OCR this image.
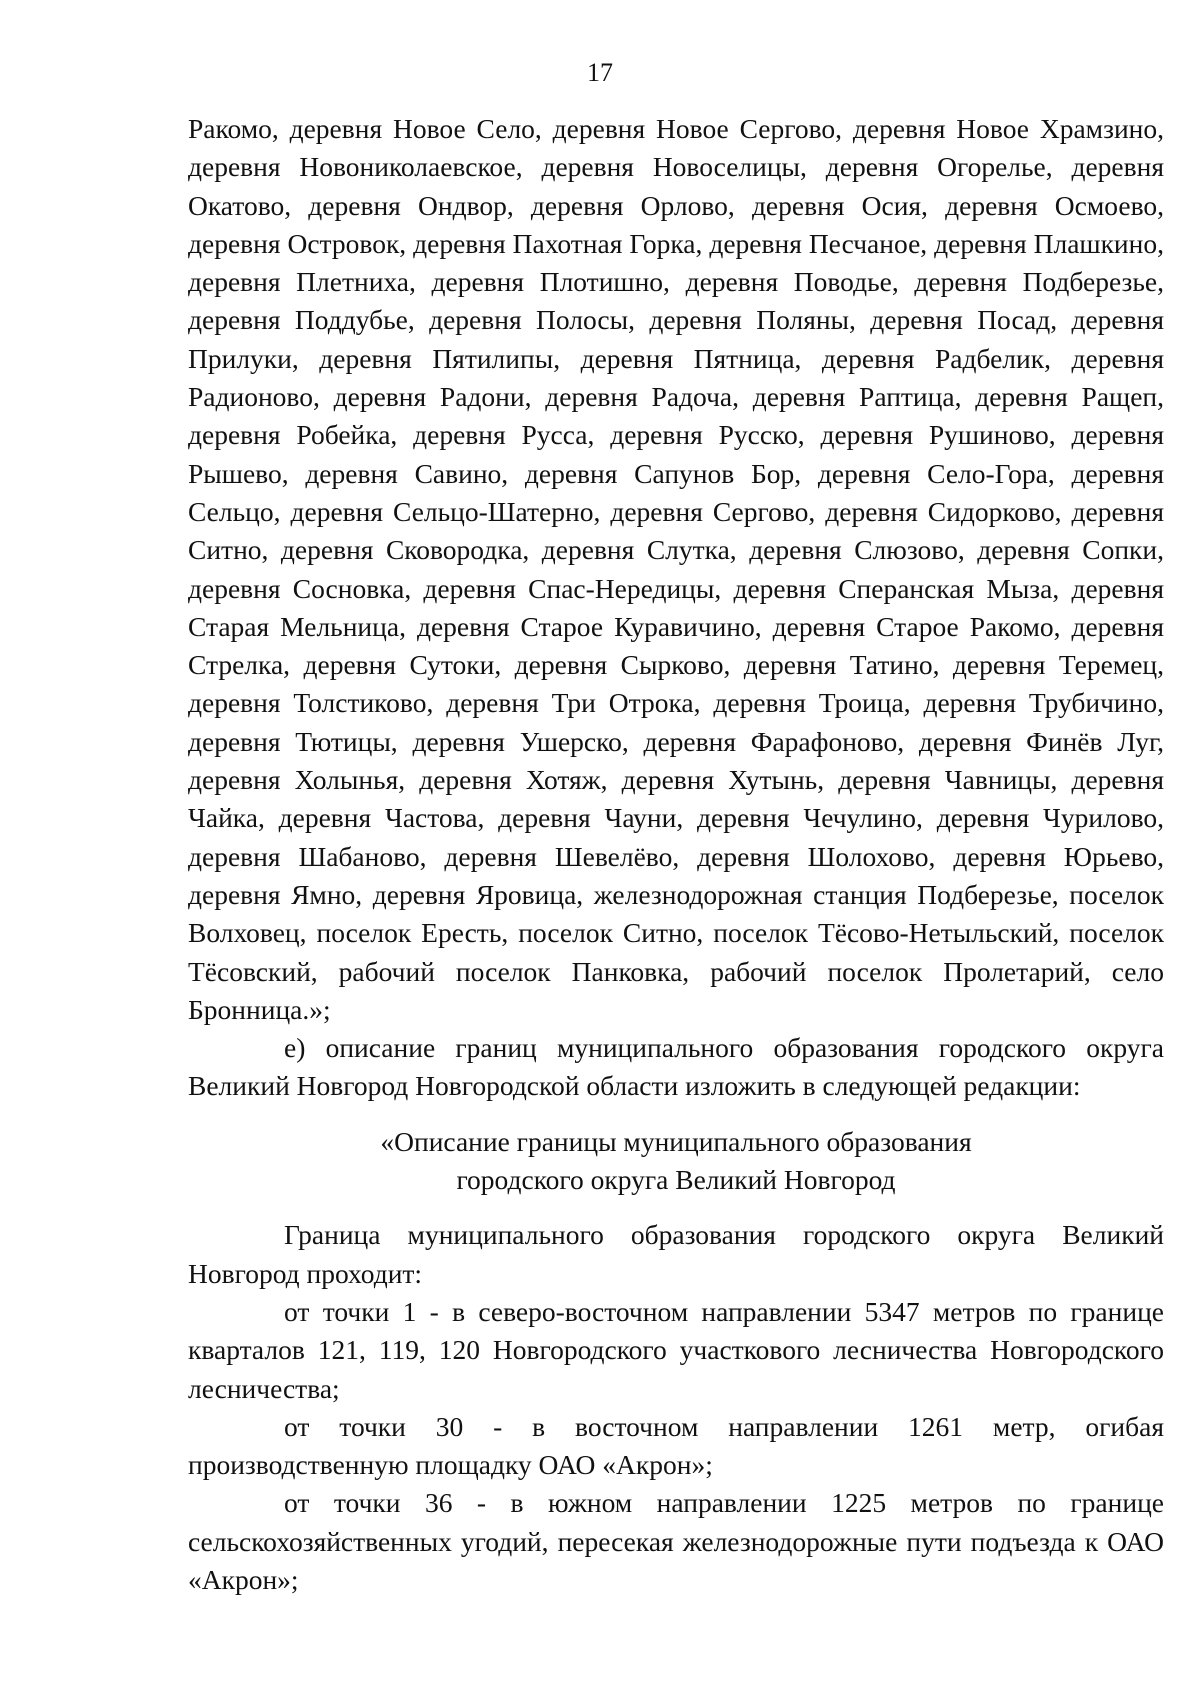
17

Ракомо, деревня Новое Село, деревня Новое Сергово, деревня Новое Храмзино, деревня Новониколаевское, деревня Новоселицы, деревня Огорелье, деревня Окатово, деревня Ондвор, деревня Орлово, деревня Осия, деревня Осмоево, деревня Островок, деревня Пахотная Горка, деревня Песчаное, деревня Плашкино, деревня Плетниха, деревня Плотишно, деревня Поводье, деревня Подберезье, деревня Поддубье, деревня Полосы, деревня Поляны, деревня Посад, деревня Прилуки, деревня Пятилипы, деревня Пятница, деревня Радбелик, деревня Радионово, деревня Радони, деревня Радоча, деревня Раптица, деревня Ращеп, деревня Робейка, деревня Русса, деревня Русско, деревня Рушиново, деревня Рышево, деревня Савино, деревня Сапунов Бор, деревня Село-Гора, деревня Сельцо, деревня Сельцо-Шатерно, деревня Сергово, деревня Сидорково, деревня Ситно, деревня Сковородка, деревня Слутка, деревня Слюзово, деревня Сопки, деревня Сосновка, деревня Спас-Нередицы, деревня Сперанская Мыза, деревня Старая Мельница, деревня Старое Куравичино, деревня Старое Ракомо, деревня Стрелка, деревня Сутоки, деревня Сырково, деревня Татино, деревня Теремец, деревня Толстиково, деревня Три Отрока, деревня Троица, деревня Трубичино, деревня Тютицы, деревня Ушерско, деревня Фарафоново, деревня Финёв Луг, деревня Холынья, деревня Хотяж, деревня Хутынь, деревня Чавницы, деревня Чайка, деревня Частова, деревня Чауни, деревня Чечулино, деревня Чурилово, деревня Шабаново, деревня Шевелёво, деревня Шолохово, деревня Юрьево, деревня Ямно, деревня Яровица, железнодорожная станция Подберезье, поселок Волховец, поселок Ересть, поселок Ситно, поселок Тёсово-Нетыльский, поселок Тёсовский, рабочий поселок Панковка, рабочий поселок Пролетарий, село Бронница.»;

е) описание границ муниципального образования городского округа Великий Новгород Новгородской области изложить в следующей редакции:

«Описание границы муниципального образования

городского округа Великий Новгород

Граница муниципального образования городского округа Великий Новгород проходит:

от точки 1 - в северо-восточном направлении 5347 метров по границе кварталов 121, 119, 120 Новгородского участкового лесничества Новгородского лесничества;

от точки 30 - в восточном направлении 1261 метр, огибая производственную площадку ОАО «Акрон»;

от точки 36 - в южном направлении 1225 метров по границе сельскохозяйственных угодий, пересекая железнодорожные пути подъезда к ОАО «Акрон»;
